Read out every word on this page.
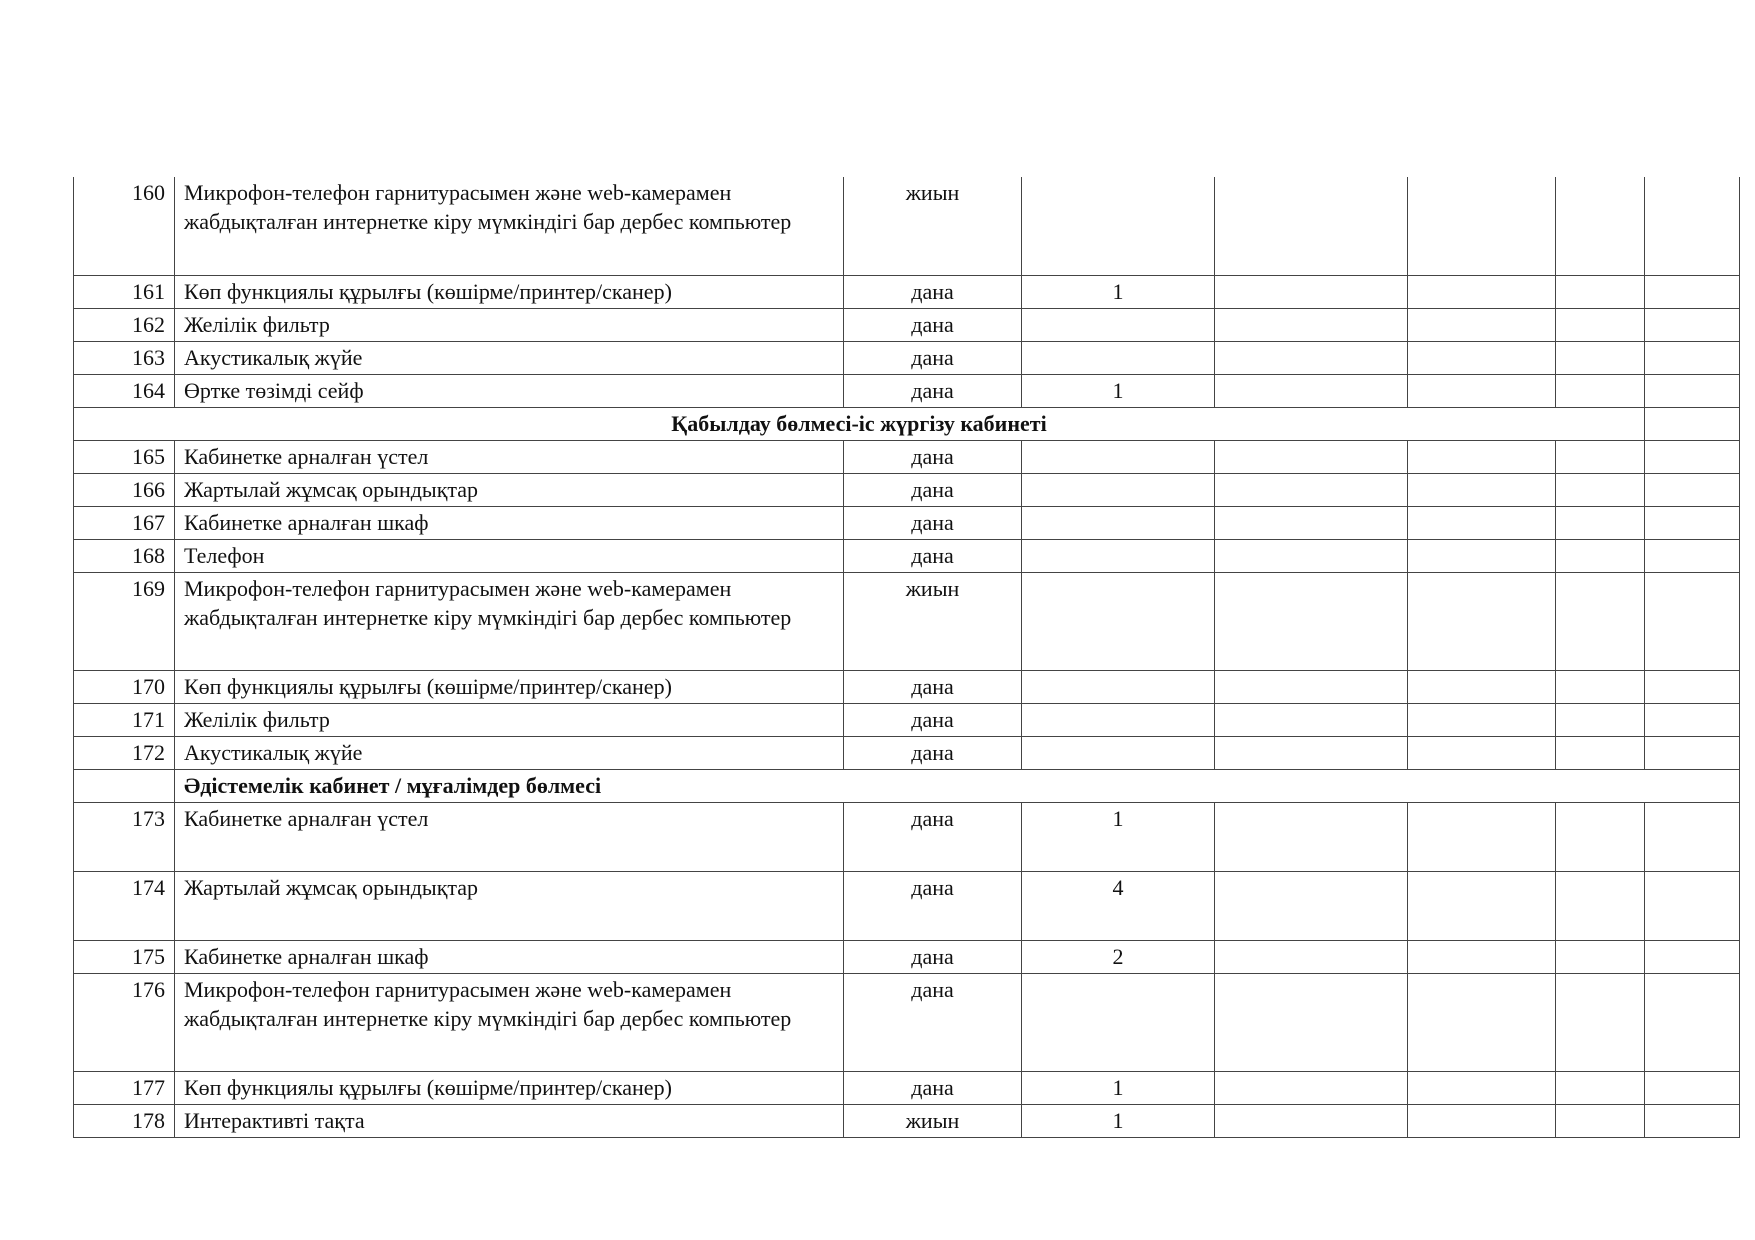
160	Микрофон-телефон гарнитурасымен және web-камерамен жабдықталған интернетке кіру мүмкіндігі бар дербес компьютер	жиын					
161	Көп функциялы құрылғы (көшірме/принтер/сканер)	дана	1				
162	Желілік фильтр	дана					
163	Акустикалық жүйе	дана					
164	Өртке төзімді сейф	дана	1				
Қабылдау бөлмесі-іс жүргізу кабинеті							
165	Кабинетке арналған үстел	дана					
166	Жартылай жұмсақ орындықтар	дана					
167	Кабинетке арналған шкаф	дана					
168	Телефон	дана					
169	Микрофон-телефон гарнитурасымен және web-камерамен жабдықталған интернетке кіру мүмкіндігі бар дербес компьютер	жиын					
170	Көп функциялы құрылғы (көшірме/принтер/сканер)	дана					
171	Желілік фильтр	дана					
172	Акустикалық жүйе	дана					
	Әдістемелік кабинет / мұғалімдер бөлмесі						
173	Кабинетке арналған үстел	дана	1				
174	Жартылай жұмсақ орындықтар	дана	4				
175	Кабинетке арналған шкаф	дана	2				
176	Микрофон-телефон гарнитурасымен және web-камерамен жабдықталған интернетке кіру мүмкіндігі бар дербес компьютер	дана					
177	Көп функциялы құрылғы (көшірме/принтер/сканер)	дана	1				
178	Интерактивті тақта	жиын	1				
